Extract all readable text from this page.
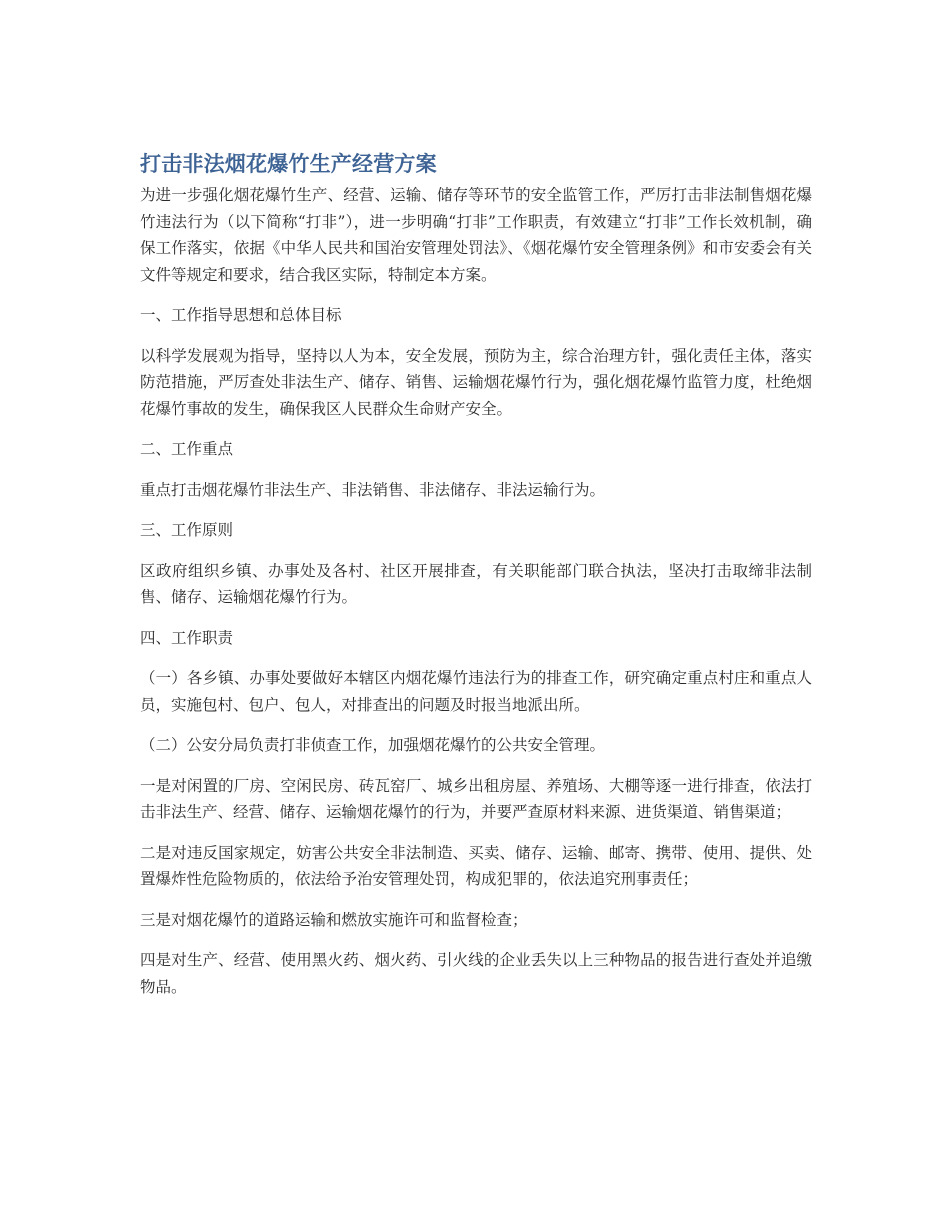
打击非法烟花爆竹生产经营方案

为进一步强化烟花爆竹生产、经营、运输、储存等环节的安全监管工作，严厉打击非法制售烟花爆竹违法行为（以下简称“打非”），进一步明确“打非”工作职责，有效建立“打非”工作长效机制，确保工作落实，依据《中华人民共和国治安管理处罚法》、《烟花爆竹安全管理条例》和市安委会有关文件等规定和要求，结合我区实际，特制定本方案。

一、工作指导思想和总体目标

以科学发展观为指导，坚持以人为本，安全发展，预防为主，综合治理方针，强化责任主体，落实防范措施，严厉查处非法生产、储存、销售、运输烟花爆竹行为，强化烟花爆竹监管力度，杜绝烟花爆竹事故的发生，确保我区人民群众生命财产安全。

二、工作重点

重点打击烟花爆竹非法生产、非法销售、非法储存、非法运输行为。

三、工作原则

区政府组织乡镇、办事处及各村、社区开展排查，有关职能部门联合执法，坚决打击取缔非法制售、储存、运输烟花爆竹行为。

四、工作职责

（一）各乡镇、办事处要做好本辖区内烟花爆竹违法行为的排查工作，研究确定重点村庄和重点人员，实施包村、包户、包人，对排查出的问题及时报当地派出所。

（二）公安分局负责打非侦查工作，加强烟花爆竹的公共安全管理。

一是对闲置的厂房、空闲民房、砖瓦窑厂、城乡出租房屋、养殖场、大棚等逐一进行排查，依法打击非法生产、经营、储存、运输烟花爆竹的行为，并要严查原材料来源、进货渠道、销售渠道；

二是对违反国家规定，妨害公共安全非法制造、买卖、储存、运输、邮寄、携带、使用、提供、处置爆炸性危险物质的，依法给予治安管理处罚，构成犯罪的，依法追究刑事责任；

三是对烟花爆竹的道路运输和燃放实施许可和监督检查；

四是对生产、经营、使用黑火药、烟火药、引火线的企业丢失以上三种物品的报告进行查处并追缴物品。
